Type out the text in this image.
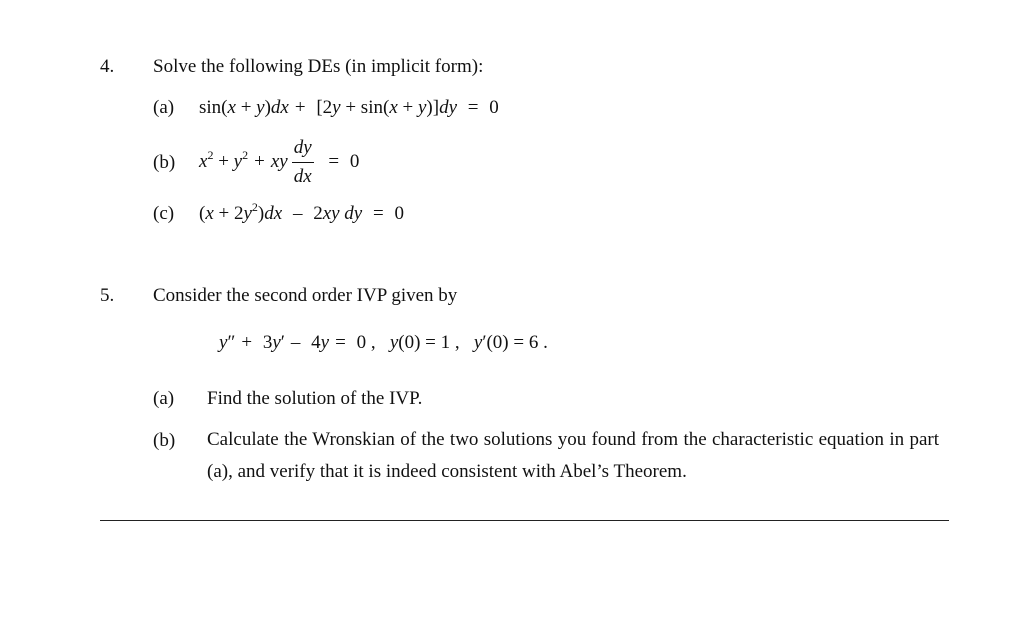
4. Solve the following DEs (in implicit form):
(a) sin(x + y)dx + [2y + sin(x + y)]dy = 0
(b) $x^2 + y^2$ + xy $\frac{dy}{dx} = 0$
(c) $(x + 2y^2)dx - 2xy$ dy = 0
5. Consider the second order IVP given by
y″ + 3y′ – 4y = 0 ,   y(0) = 1 ,   y′(0) = 6 .
(a) Find the solution of the IVP.
(b) Calculate the Wronskian of the two solutions you found from the characteristic equation in part (a), and verify that it is indeed consistent with Abel’s Theorem.
